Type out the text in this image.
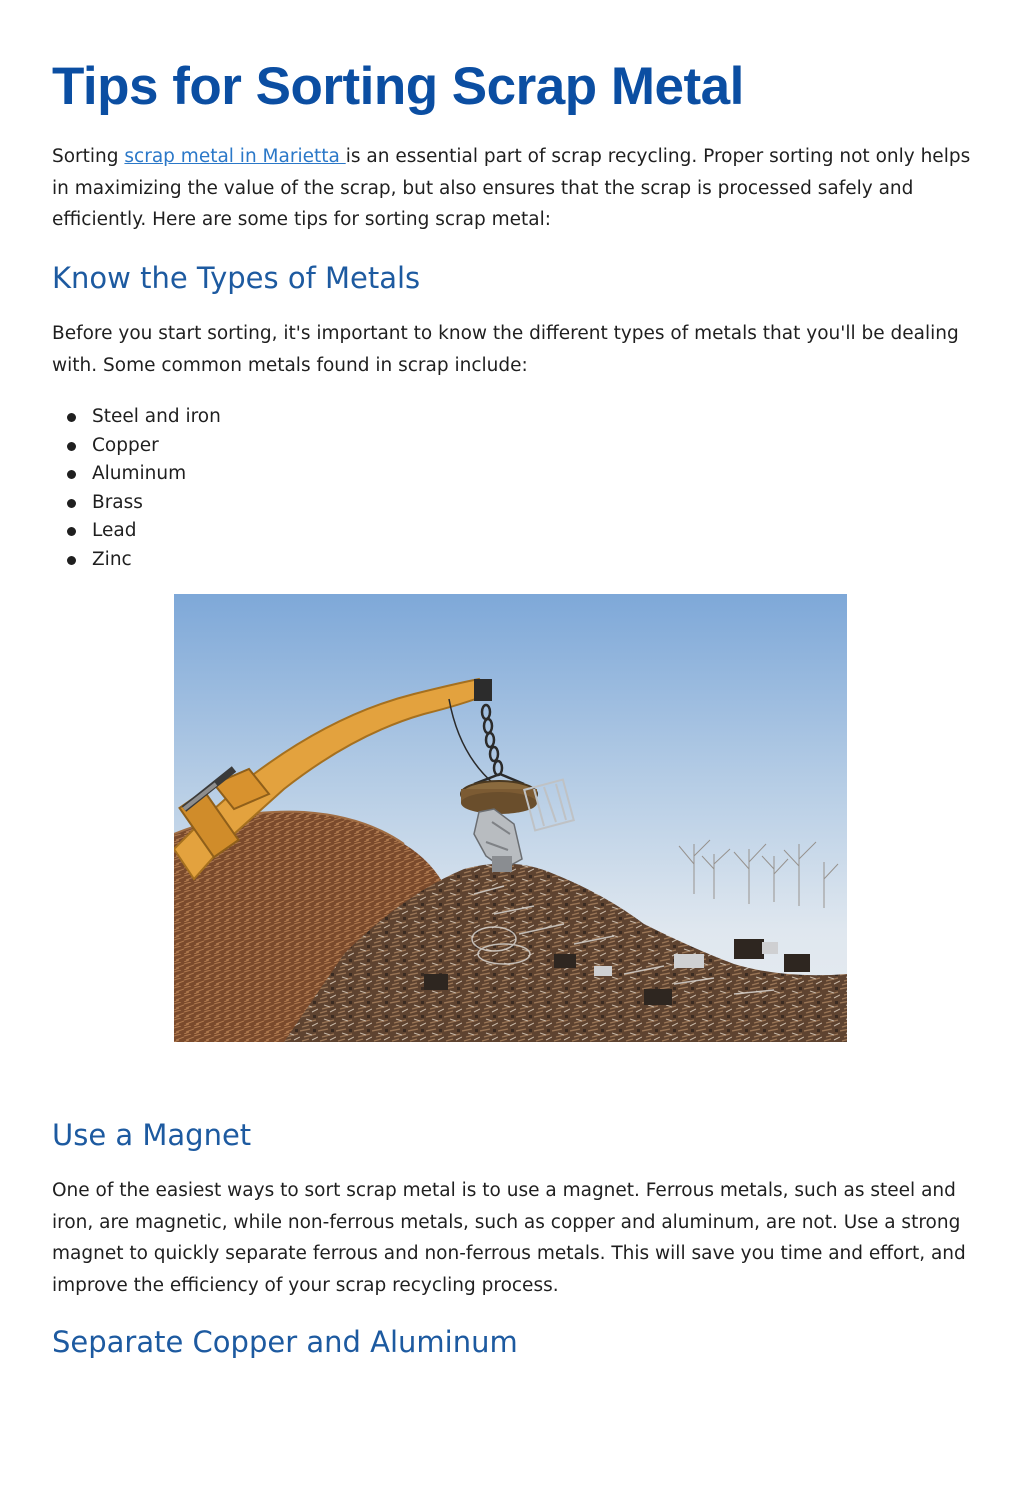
Tips for Sorting Scrap Metal

Sorting scrap metal in Marietta is an essential part of scrap recycling. Proper sorting not only helps in maximizing the value of the scrap, but also ensures that the scrap is processed safely and efficiently. Here are some tips for sorting scrap metal:

Know the Types of Metals

Before you start sorting, it's important to know the different types of metals that you'll be dealing with. Some common metals found in scrap include:

Steel and iron
Copper
Aluminum
Brass
Lead
Zinc
Use a Magnet

One of the easiest ways to sort scrap metal is to use a magnet. Ferrous metals, such as steel and iron, are magnetic, while non-ferrous metals, such as copper and aluminum, are not. Use a strong magnet to quickly separate ferrous and non-ferrous metals. This will save you time and effort, and improve the efficiency of your scrap recycling process.

Separate Copper and Aluminum
